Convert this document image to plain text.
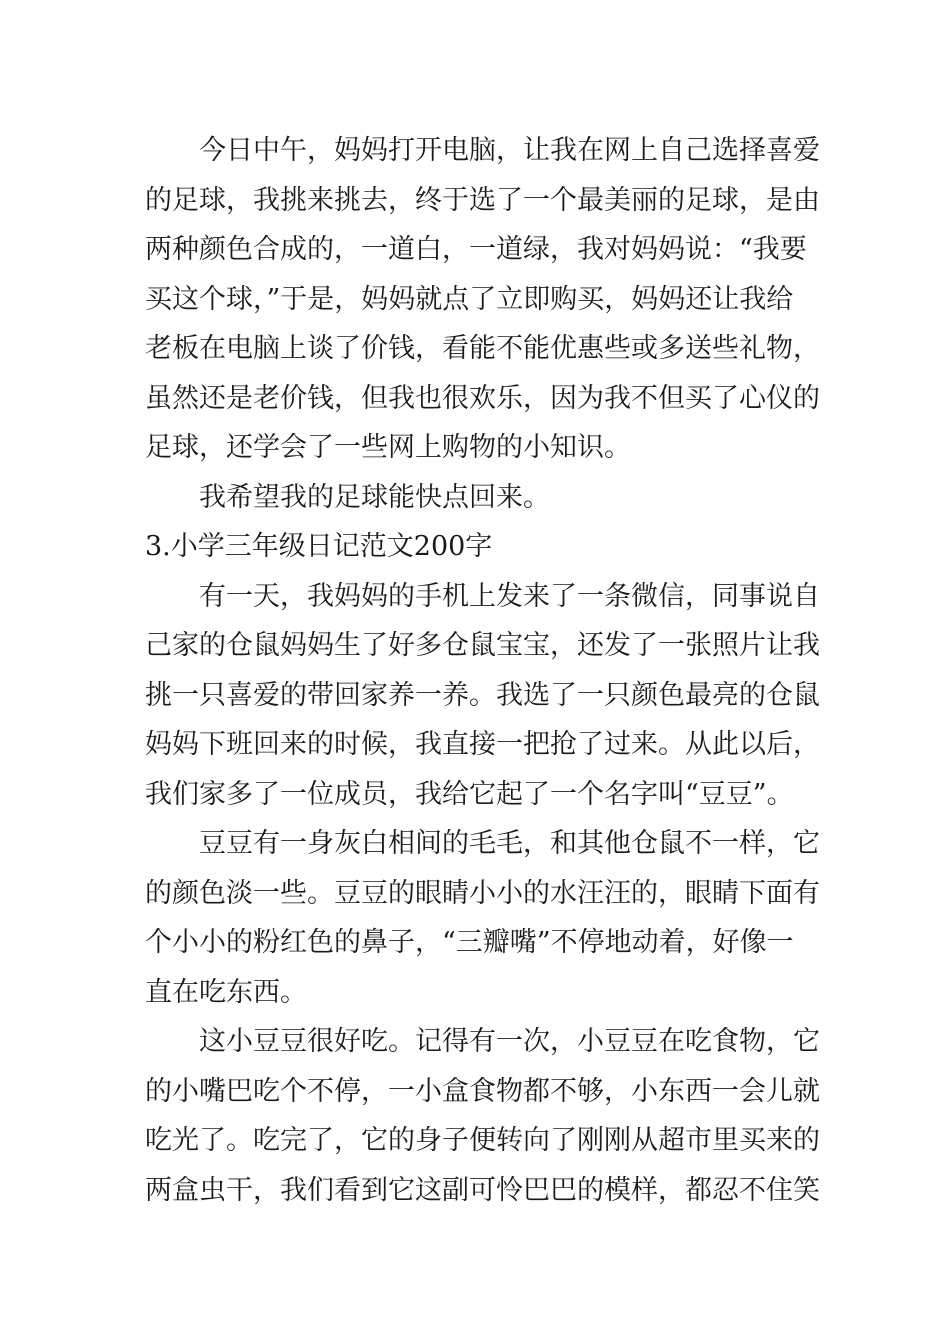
今日中午，妈妈打开电脑，让我在网上自己选择喜爱
的足球，我挑来挑去，终于选了一个最美丽的足球，是由
两种颜色合成的，一道白，一道绿，我对妈妈说：“我要
买这个球，”于是，妈妈就点了立即购买，妈妈还让我给
老板在电脑上谈了价钱，看能不能优惠些或多送些礼物，
虽然还是老价钱，但我也很欢乐，因为我不但买了心仪的
足球，还学会了一些网上购物的小知识。
我希望我的足球能快点回来。
3.小学三年级日记范文200字
有一天，我妈妈的手机上发来了一条微信，同事说自
己家的仓鼠妈妈生了好多仓鼠宝宝，还发了一张照片让我
挑一只喜爱的带回家养一养。我选了一只颜色最亮的仓鼠
妈妈下班回来的时候，我直接一把抢了过来。从此以后，
我们家多了一位成员，我给它起了一个名字叫“豆豆”。
豆豆有一身灰白相间的毛毛，和其他仓鼠不一样，它
的颜色淡一些。豆豆的眼睛小小的水汪汪的，眼睛下面有
个小小的粉红色的鼻子，“三瓣嘴”不停地动着，好像一
直在吃东西。
这小豆豆很好吃。记得有一次，小豆豆在吃食物，它
的小嘴巴吃个不停，一小盒食物都不够，小东西一会儿就
吃光了。吃完了，它的身子便转向了刚刚从超市里买来的
两盒虫干，我们看到它这副可怜巴巴的模样，都忍不住笑
